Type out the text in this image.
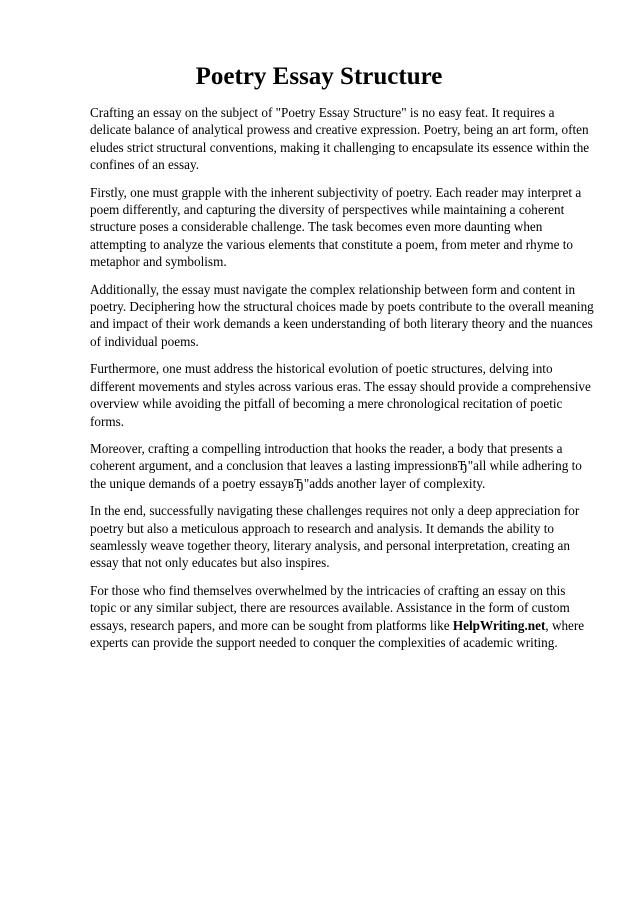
Poetry Essay Structure

Crafting an essay on the subject of "Poetry Essay Structure" is no easy feat. It requires a delicate balance of analytical prowess and creative expression. Poetry, being an art form, often eludes strict structural conventions, making it challenging to encapsulate its essence within the confines of an essay.

Firstly, one must grapple with the inherent subjectivity of poetry. Each reader may interpret a poem differently, and capturing the diversity of perspectives while maintaining a coherent structure poses a considerable challenge. The task becomes even more daunting when attempting to analyze the various elements that constitute a poem, from meter and rhyme to metaphor and symbolism.

Additionally, the essay must navigate the complex relationship between form and content in poetry. Deciphering how the structural choices made by poets contribute to the overall meaning and impact of their work demands a keen understanding of both literary theory and the nuances of individual poems.

Furthermore, one must address the historical evolution of poetic structures, delving into different movements and styles across various eras. The essay should provide a comprehensive overview while avoiding the pitfall of becoming a mere chronological recitation of poetic forms.

Moreover, crafting a compelling introduction that hooks the reader, a body that presents a coherent argument, and a conclusion that leaves a lasting impressionвЂ"all while adhering to the unique demands of a poetry essayвЂ"adds another layer of complexity.

In the end, successfully navigating these challenges requires not only a deep appreciation for poetry but also a meticulous approach to research and analysis. It demands the ability to seamlessly weave together theory, literary analysis, and personal interpretation, creating an essay that not only educates but also inspires.

For those who find themselves overwhelmed by the intricacies of crafting an essay on this topic or any similar subject, there are resources available. Assistance in the form of custom essays, research papers, and more can be sought from platforms like HelpWriting.net, where experts can provide the support needed to conquer the complexities of academic writing.
